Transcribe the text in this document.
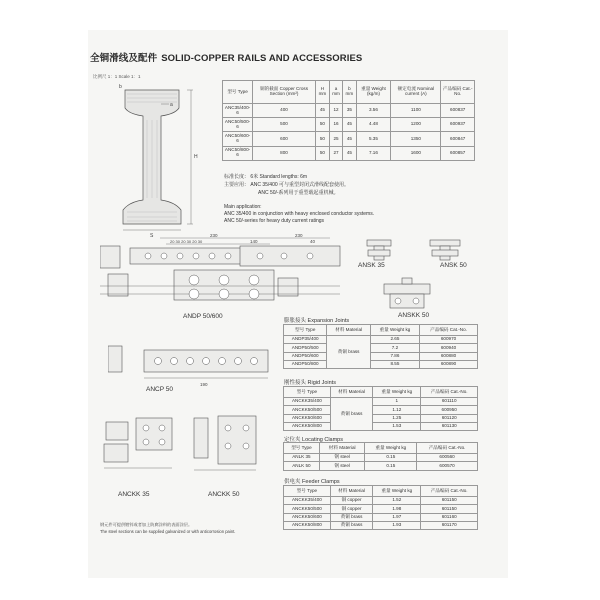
全铜滑线及配件 SOLID-COPPER RAILS AND ACCESSORIES
比例尺 1：1 Scale 1：1
H
S
a
b
型号 Type	铜的截面 Copper Cross Section (mm²)	H mm	a mm	b mm	重量 Weight (kg/m)	额定电流 Nominal current (A)	产品编码 Cat.-No.
ANC35/400-6	400	45	12	35	3.56	1100	600837
ANC50/500-6	500	50	16	45	4.48	1200	600937
ANC50/600-6	600	50	25	45	5.35	1350	600847
ANC50/800-6	800	50	27	45	7.16	1600	600857
标准长度： 6米 Standard lengths: 6m
主要应用： ANC 35/400 可与重型封闭式滑线配套使用。
ANC 50/-系列用于重型载起重机械。
Main application:
ANC 35/400 in conjunction with heavy enclosed conductor systems.
ANC 50/-series for heavy duty current ratings
230	230
20 30 20 30 20 30	140	40
ANDP 50/600
ANSK 35	ANSK 50
ANSKK 50
190
ANCP 50
ANCKK 35	ANCKK 50
膨胀接头 Expansion Joints
型号 Type	材料 Material	重量 Weight kg	产品编码 Cat.-No.
ANDP35/400	黄铜 brass	2.65	600970
ANDP50/500		7.2	600940
ANDP50/600		7.86	600880
ANDP50/800		8.55	600890
刚性接头 Rigid Joints
型号 Type	材料 Material	重量 Weight kg	产品编码 Cat.-No.
ANCKK35/400	黄铜 brass	1	601110
ANCKK50/500		1.12	600950
ANCKK50/600		1.25	601120
ANCKK50/800		1.53	601130
定位夹 Locating Clamps
型号 Type	材料 Material	重量 Weight kg	产品编码 Cat.-No.
ANLK 35	钢 steel	0.15	600560
ANLK 50	钢 steel	0.15	600570
供电夹 Feeder Clamps
型号 Type	材料 Material	重量 Weight kg	产品编码 Cat.-No.
ANCKK35/400	铜 copper	1.52	601150
ANCKK50/500	铜 copper	1.98	601150
ANCKK50/600	黄铜 brass	1.97	601160
ANCKK50/800	黄铜 brass	1.93	601170
钢元件可提供镀锌或者加上防腐涂料的表面涂层。
The steel sections can be supplied galvanized or with anticorrosion paint.
